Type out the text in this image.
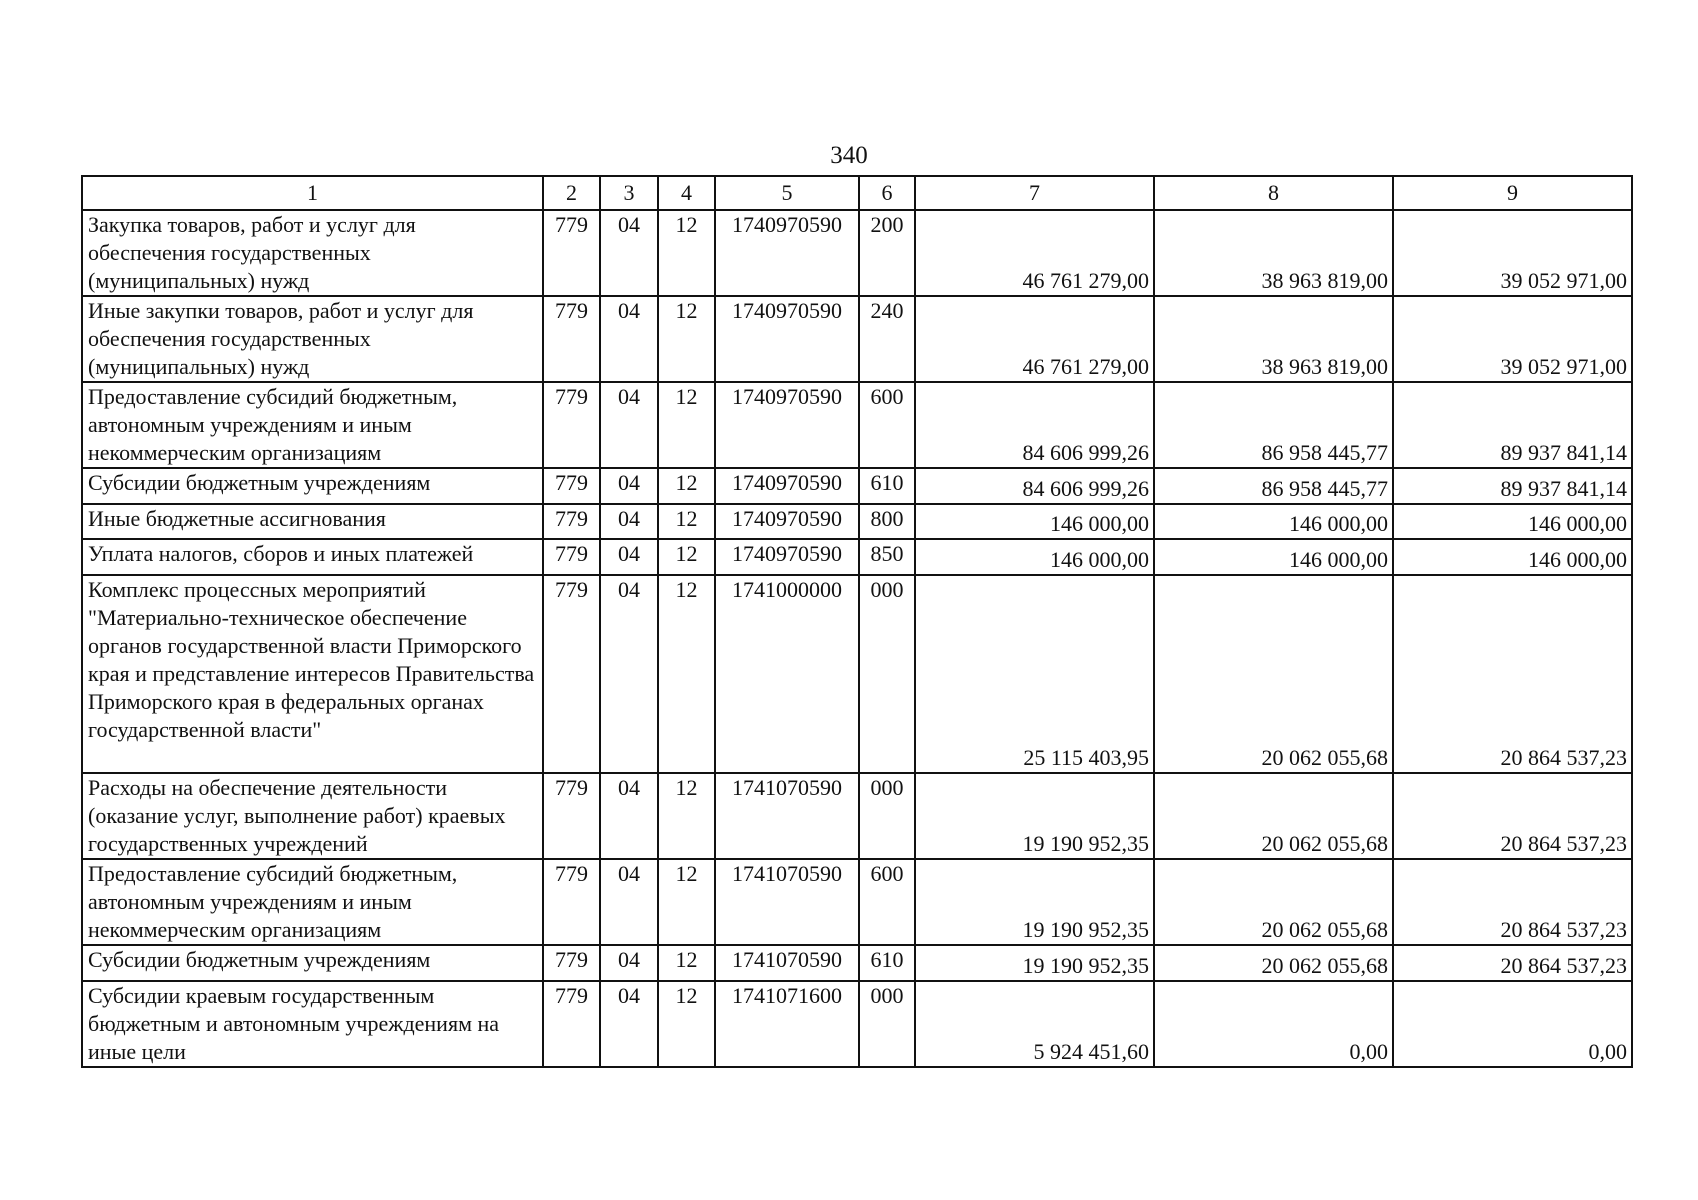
340
1	2	3	4	5	6	7	8	9
Закупка товаров, работ и услуг для обеспечения государственных (муниципальных) нужд	779	04	12	1740970590	200	46 761 279,00	38 963 819,00	39 052 971,00
Иные закупки товаров, работ и услуг для обеспечения государственных (муниципальных) нужд	779	04	12	1740970590	240	46 761 279,00	38 963 819,00	39 052 971,00
Предоставление субсидий бюджетным, автономным учреждениям и иным некоммерческим организациям	779	04	12	1740970590	600	84 606 999,26	86 958 445,77	89 937 841,14
Субсидии бюджетным учреждениям	779	04	12	1740970590	610	84 606 999,26	86 958 445,77	89 937 841,14
Иные бюджетные ассигнования	779	04	12	1740970590	800	146 000,00	146 000,00	146 000,00
Уплата налогов, сборов и иных платежей	779	04	12	1740970590	850	146 000,00	146 000,00	146 000,00
Комплекс процессных мероприятий "Материально-техническое обеспечение органов государственной власти Приморского края и представление интересов Правительства Приморского края в федеральных органах государственной власти"	779	04	12	1741000000	000	25 115 403,95	20 062 055,68	20 864 537,23
Расходы на обеспечение деятельности (оказание услуг, выполнение работ) краевых государственных учреждений	779	04	12	1741070590	000	19 190 952,35	20 062 055,68	20 864 537,23
Предоставление субсидий бюджетным, автономным учреждениям и иным некоммерческим организациям	779	04	12	1741070590	600	19 190 952,35	20 062 055,68	20 864 537,23
Субсидии бюджетным учреждениям	779	04	12	1741070590	610	19 190 952,35	20 062 055,68	20 864 537,23
Субсидии краевым государственным бюджетным и автономным учреждениям на иные цели	779	04	12	1741071600	000	5 924 451,60	0,00	0,00
